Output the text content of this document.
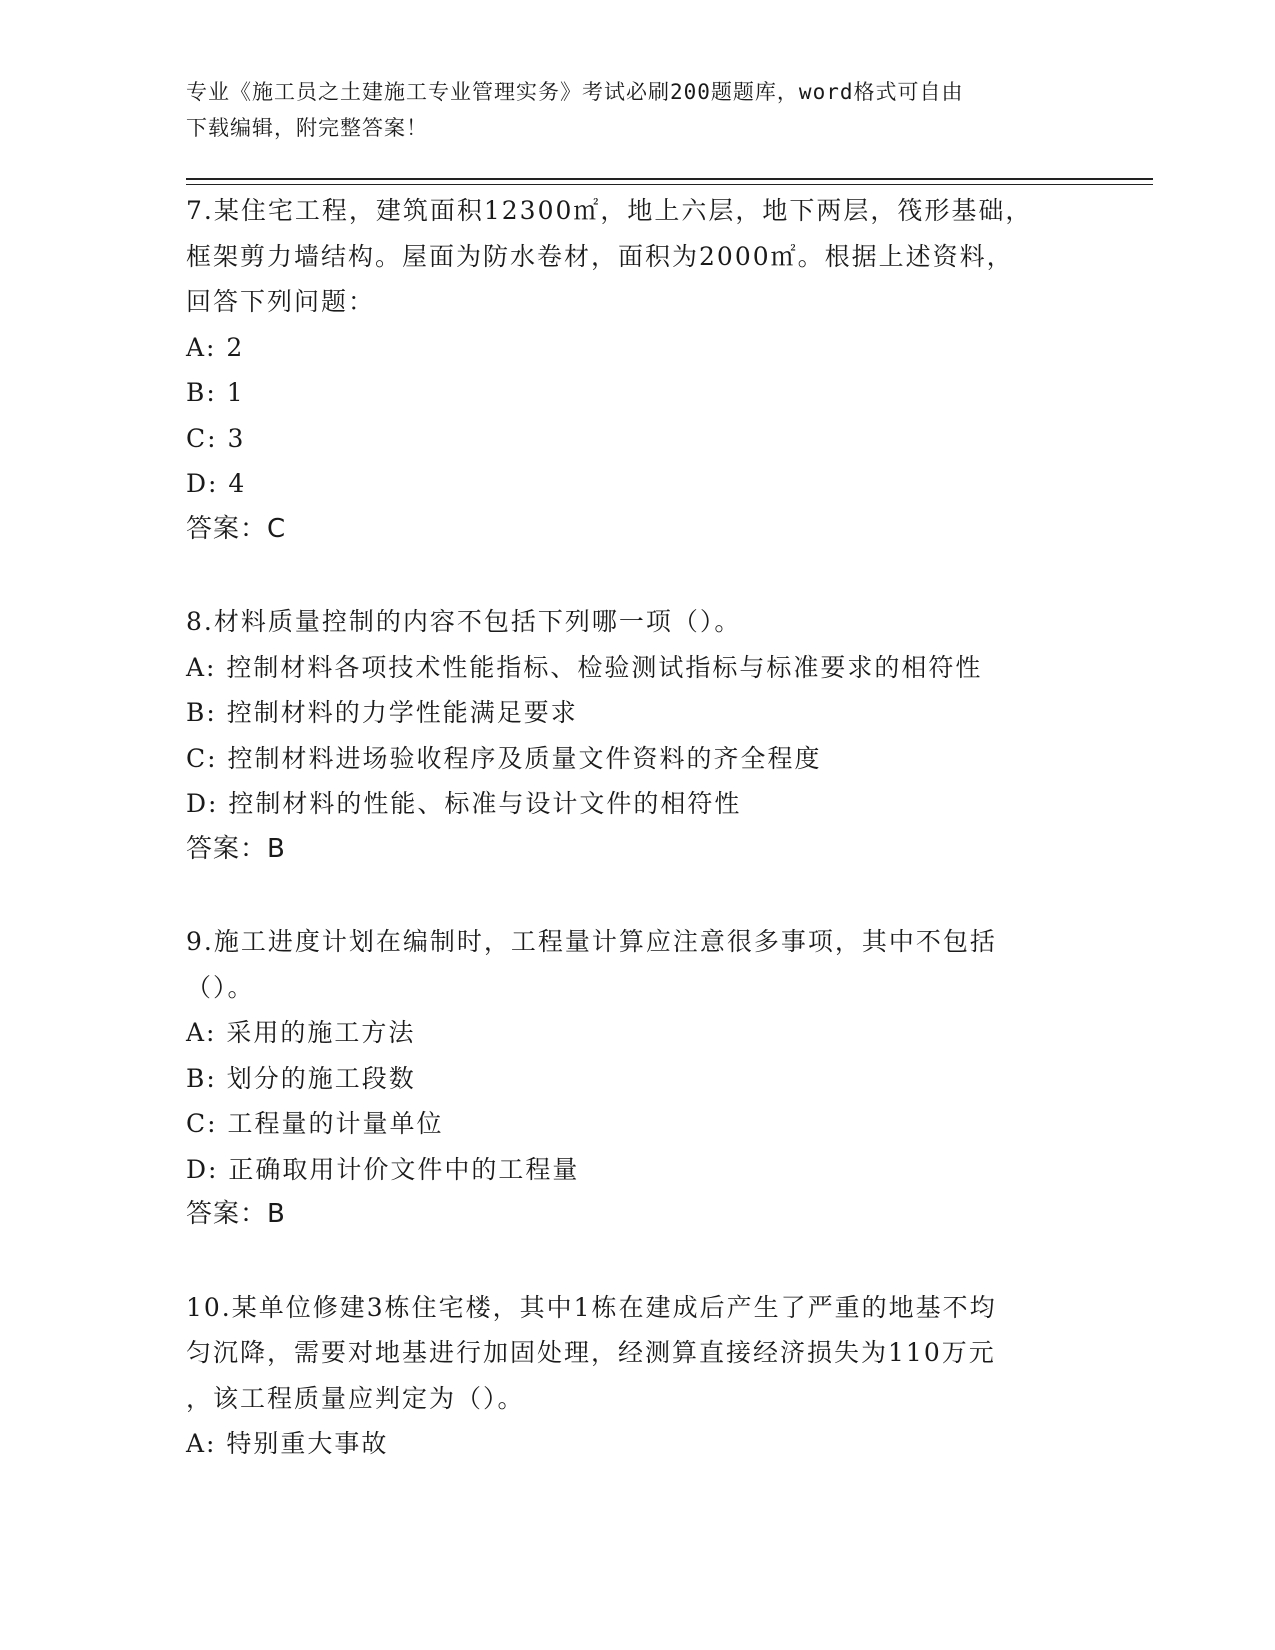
专业《施工员之土建施工专业管理实务》考试必刷200题题库，word格式可自由
下载编辑，附完整答案！
7.某住宅工程，建筑面积12300㎡，地上六层，地下两层，筏形基础，
框架剪力墙结构。屋面为防水卷材，面积为2000㎡。根据上述资料，
回答下列问题：
A: 2
B: 1
C: 3
D: 4
答案：C
8.材料质量控制的内容不包括下列哪一项（）。
A: 控制材料各项技术性能指标、检验测试指标与标准要求的相符性
B: 控制材料的力学性能满足要求
C: 控制材料进场验收程序及质量文件资料的齐全程度
D: 控制材料的性能、标准与设计文件的相符性
答案：B
9.施工进度计划在编制时，工程量计算应注意很多事项，其中不包括
（）。
A: 采用的施工方法
B: 划分的施工段数
C: 工程量的计量单位
D: 正确取用计价文件中的工程量
答案：B
10.某单位修建3栋住宅楼，其中1栋在建成后产生了严重的地基不均
匀沉降，需要对地基进行加固处理，经测算直接经济损失为110万元
，该工程质量应判定为（）。
A: 特别重大事故
